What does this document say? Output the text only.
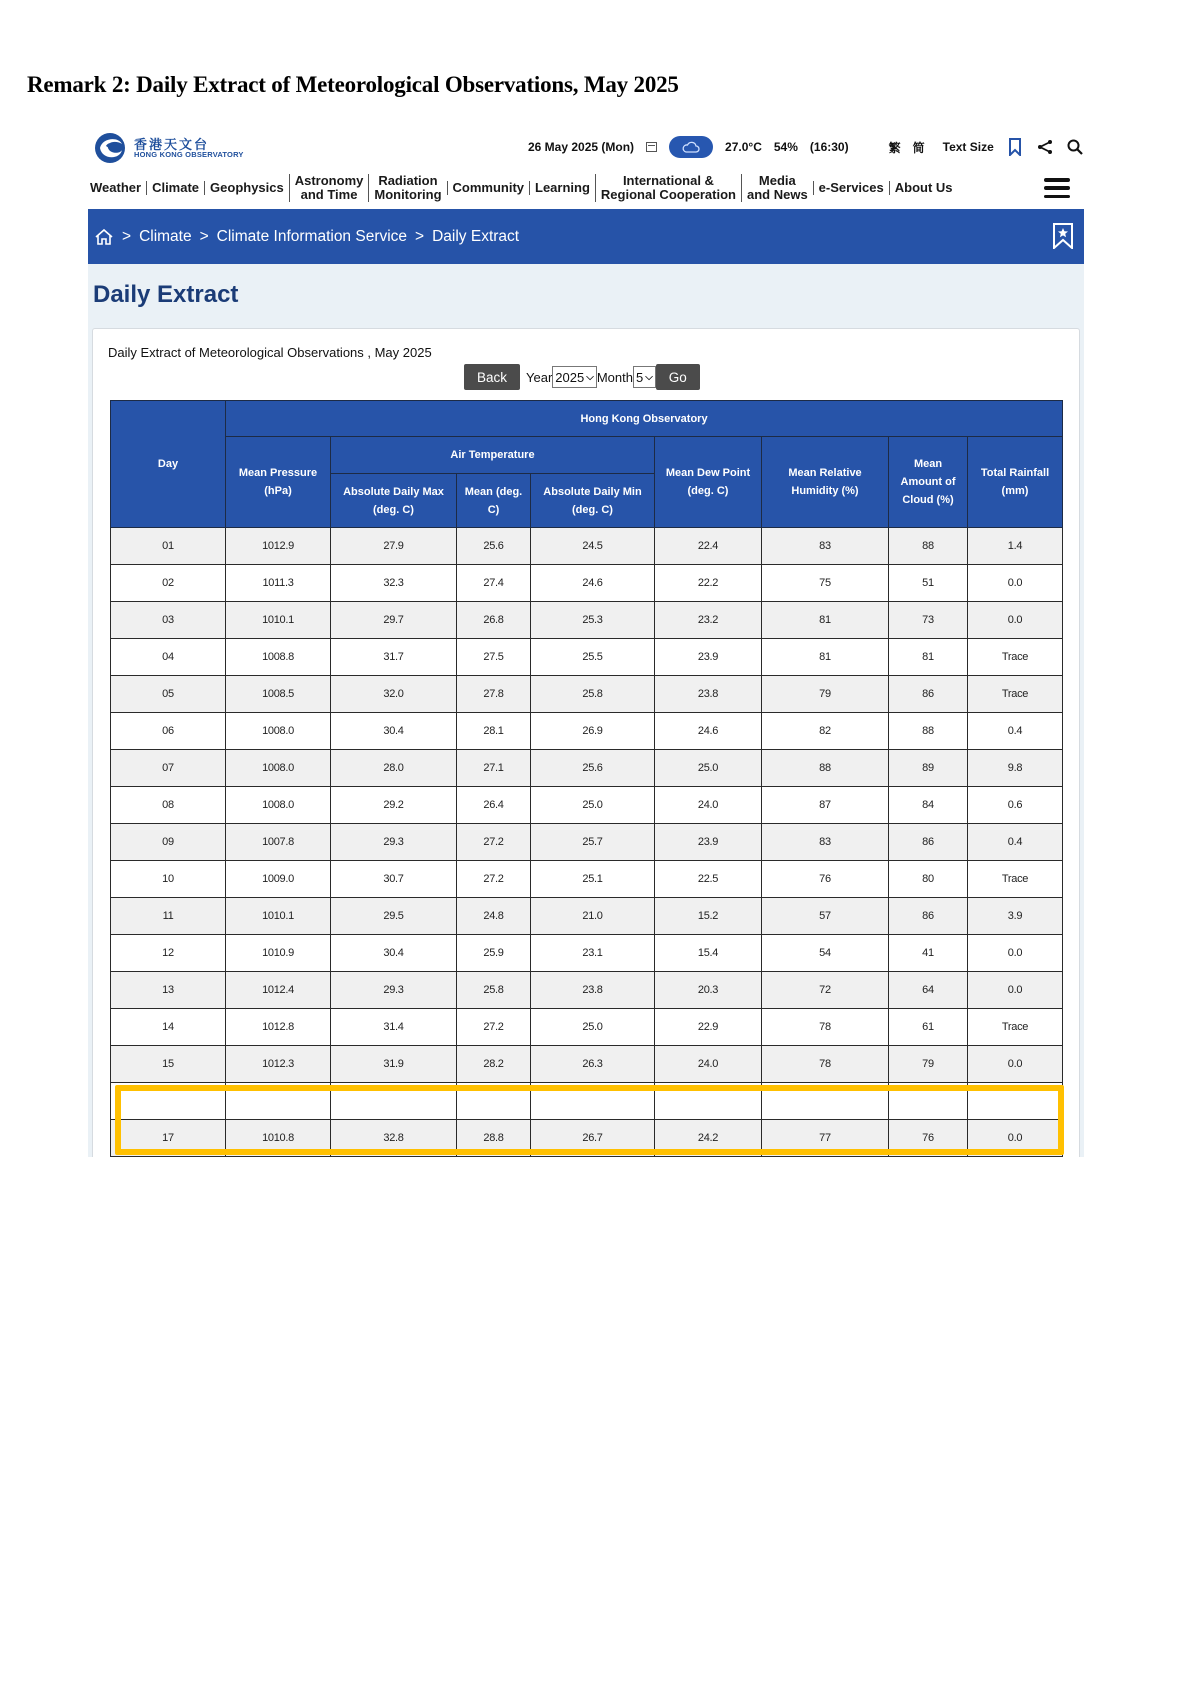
Remark 2: Daily Extract of Meteorological Observations, May 2025
香港天文台
HONG KONG OBSERVATORY
26 May 2025 (Mon)	27.0°C 54% (16:30)	繁 简 Text Size
Weather Climate Geophysics Astronomy
and Time
Radiation
Monitoring Community Learning	International &
Regional Cooperation
Media
and News e-Services About Us
> Climate > Climate Information Service > Daily Extract
Daily Extract
Daily Extract of Meteorological Observations , May 2025
Back	Year 2025 ⌵ Month 5 ⌵	Go
Day	Hong Kong Observatory							
	Mean Pressure (hPa)	Air Temperature			Mean Dew Point (deg. C)	Mean Relative Humidity (%)	Mean Amount of Cloud (%)	Total Rainfall (mm)
		Absolute Daily Max (deg. C)	Mean (deg. C)	Absolute Daily Min (deg. C)				
01	1012.9	27.9	25.6	24.5	22.4	83	88	1.4
02	1011.3	32.3	27.4	24.6	22.2	75	51	0.0
03	1010.1	29.7	26.8	25.3	23.2	81	73	0.0
04	1008.8	31.7	27.5	25.5	23.9	81	81	Trace
05	1008.5	32.0	27.8	25.8	23.8	79	86	Trace
06	1008.0	30.4	28.1	26.9	24.6	82	88	0.4
07	1008.0	28.0	27.1	25.6	25.0	88	89	9.8
08	1008.0	29.2	26.4	25.0	24.0	87	84	0.6
09	1007.8	29.3	27.2	25.7	23.9	83	86	0.4
10	1009.0	30.7	27.2	25.1	22.5	76	80	Trace
11	1010.1	29.5	24.8	21.0	15.2	57	86	3.9
12	1010.9	30.4	25.9	23.1	15.4	54	41	0.0
13	1012.4	29.3	25.8	23.8	20.3	72	64	0.0
14	1012.8	31.4	27.2	25.0	22.9	78	61	Trace
15	1012.3	31.9	28.2	26.3	24.0	78	79	0.0

17	1010.8	32.8	28.8	26.7	24.2	77	76	0.0
